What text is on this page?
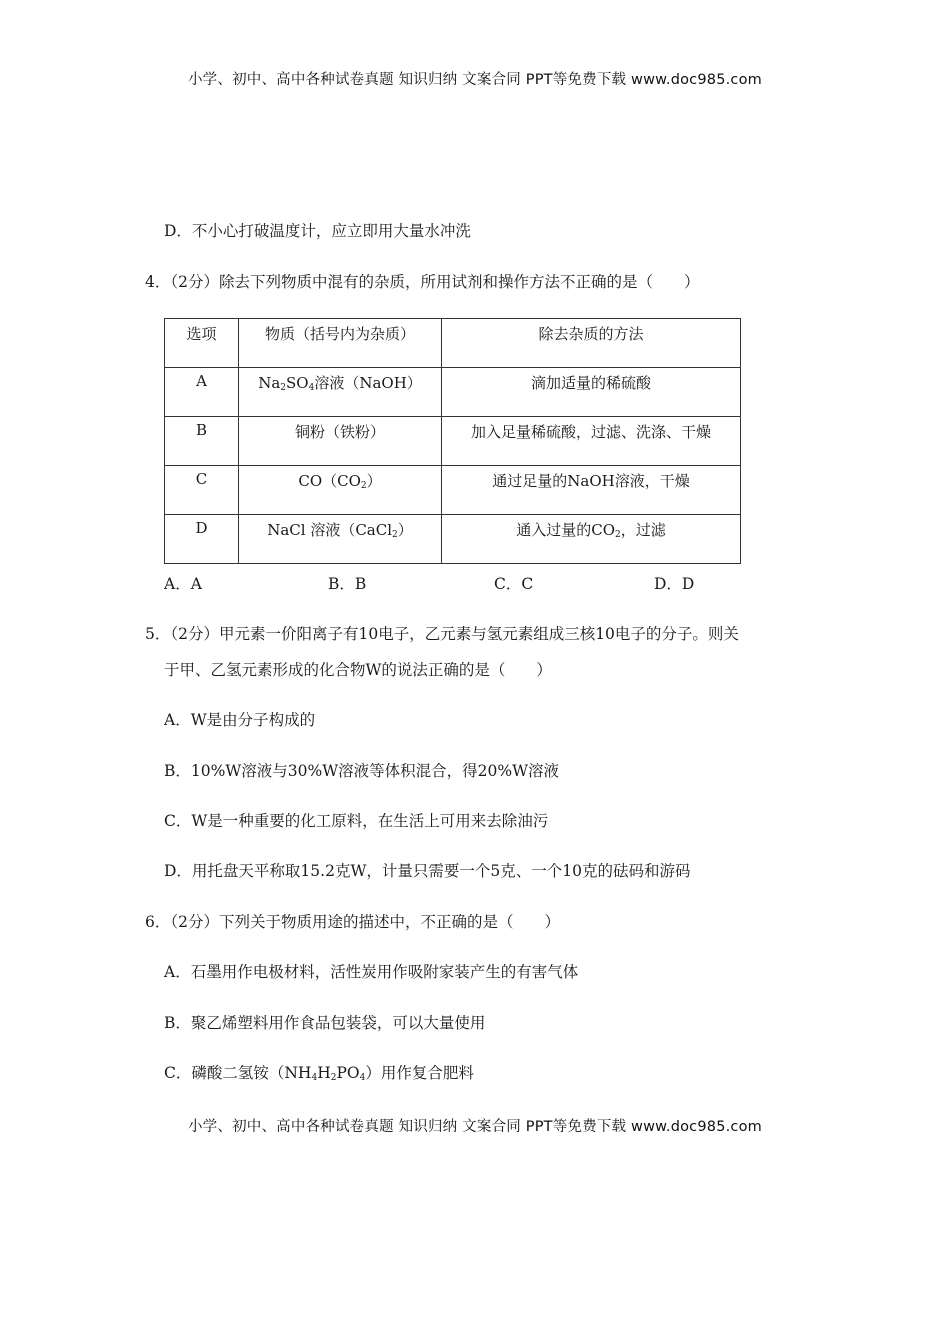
小学、初中、高中各种试卷真题 知识归纳 文案合同 PPT等免费下载 www.doc985.com
D．不小心打破温度计，应立即用大量水冲洗
4．（2分）除去下列物质中混有的杂质，所用试剂和操作方法不正确的是（　　）
选项	物质（括号内为杂质）	除去杂质的方法
A	$Na_2SO_4$溶液（NaOH）	滴加适量的稀硫酸
B	铜粉（铁粉）	加入足量稀硫酸，过滤、洗涤、干燥
C	$CO(CO_2)$	通过足量的NaOH溶液，干燥
D	NaCl 溶液（CaCl$_2$）	通入过量的$CO_2$，过滤
A．A	B．B	C．C	D．D
5．（2分）甲元素一价阳离子有10电子，乙元素与氢元素组成三核10电子的分子。则关
于甲、乙氢元素形成的化合物W的说法正确的是（　　）
A．W是由分子构成的
B．10%W溶液与30%W溶液等体积混合，得20%W溶液
C．W是一种重要的化工原料，在生活上可用来去除油污
D．用托盘天平称取15.2克W，计量只需要一个5克、一个10克的砝码和游码
6．（2分）下列关于物质用途的描述中，不正确的是（　　）
A．石墨用作电极材料，活性炭用作吸附家装产生的有害气体
B．聚乙烯塑料用作食品包装袋，可以大量使用
C．磷酸二氢铵$(NH_4H_2PO_4)$用作复合肥料
小学、初中、高中各种试卷真题 知识归纳 文案合同 PPT等免费下载 www.doc985.com
